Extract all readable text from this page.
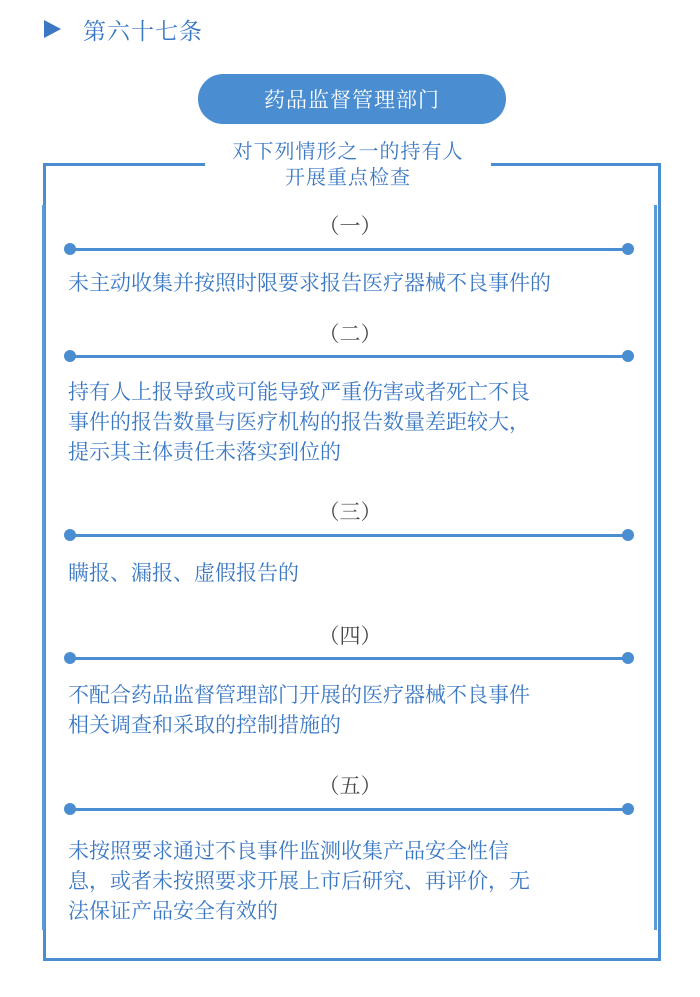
第六十七条
药品监督管理部门
对下列情形之一的持有人
开展重点检查
（一）
未主动收集并按照时限要求报告医疗器械不良事件的
（二）
持有人上报导致或可能导致严重伤害或者死亡不良
事件的报告数量与医疗机构的报告数量差距较大，
提示其主体责任未落实到位的
（三）
瞒报、漏报、虚假报告的
（四）
不配合药品监督管理部门开展的医疗器械不良事件
相关调查和采取的控制措施的
（五）
未按照要求通过不良事件监测收集产品安全性信
息，或者未按照要求开展上市后研究、再评价，无
法保证产品安全有效的
